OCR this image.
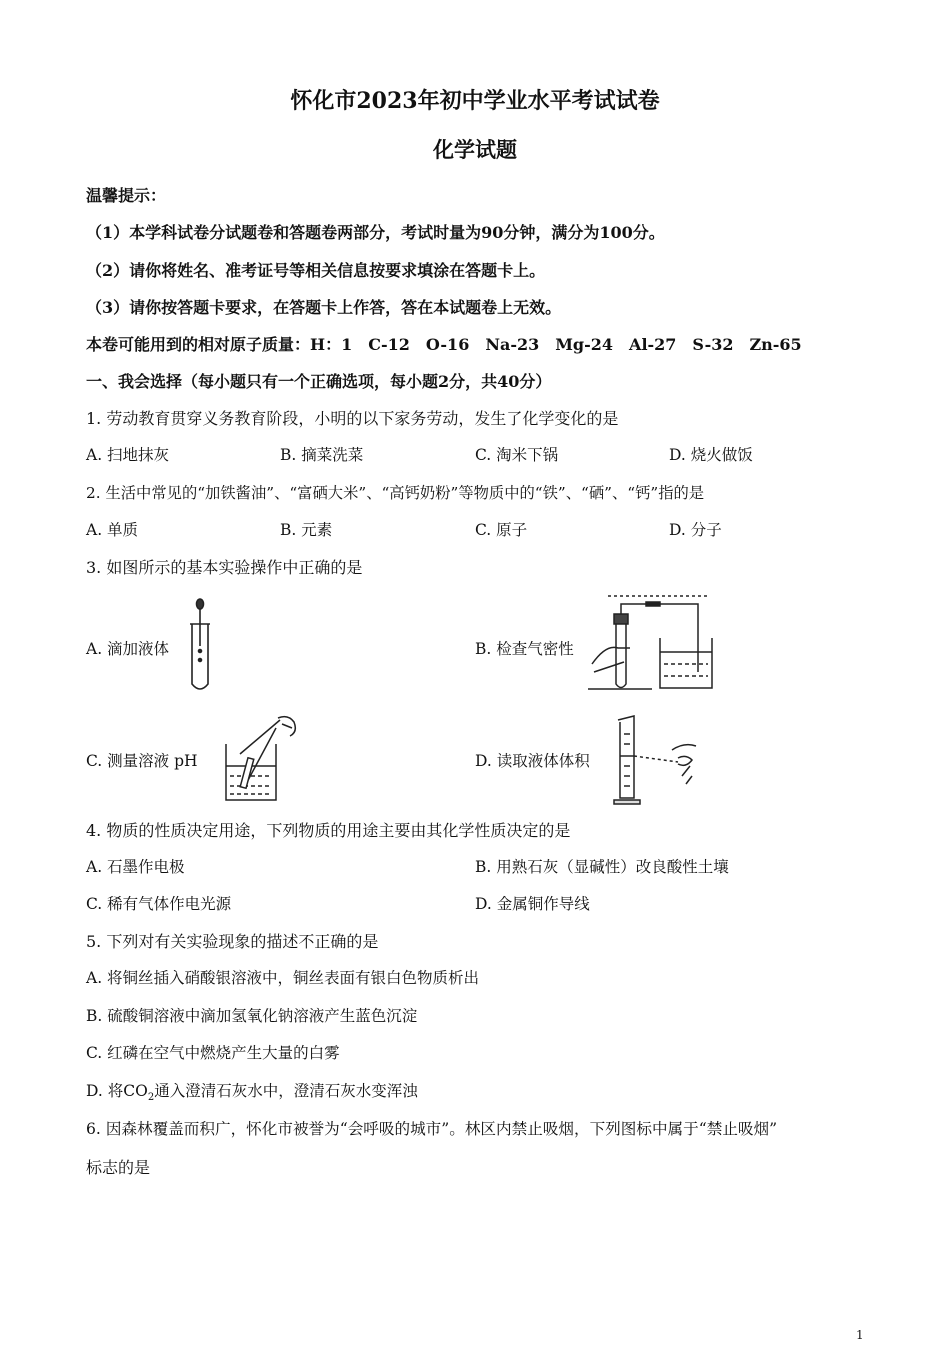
怀化市2023年初中学业水平考试试卷
化学试题
温馨提示：
（1）本学科试卷分试题卷和答题卷两部分，考试时量为90分钟，满分为100分。
（2）请你将姓名、准考证号等相关信息按要求填涂在答题卡上。
（3）请你按答题卡要求，在答题卡上作答，答在本试题卷上无效。
本卷可能用到的相对原子质量：H：1　C-12　O-16　Na-23　Mg-24　Al-27　S-32　Zn-65
一、我会选择（每小题只有一个正确选项，每小题2分，共40分）
1. 劳动教育贯穿义务教育阶段，小明的以下家务劳动，发生了化学变化的是
A. 扫地抹灰	B. 摘菜洗菜	C. 淘米下锅	D. 烧火做饭
2. 生活中常见的“加铁酱油”、“富硒大米”、“高钙奶粉”等物质中的“铁”、“硒”、“钙”指的是
A. 单质	B. 元素	C. 原子	D. 分子
3. 如图所示的基本实验操作中正确的是
A. 滴加液体	B. 检查气密性
C. 测量溶液 pH	D. 读取液体体积
4. 物质的性质决定用途，下列物质的用途主要由其化学性质决定的是
A. 石墨作电极	B. 用熟石灰（显碱性）改良酸性土壤
C. 稀有气体作电光源	D. 金属铜作导线
5. 下列对有关实验现象的描述不正确的是
A. 将铜丝插入硝酸银溶液中，铜丝表面有银白色物质析出
B. 硫酸铜溶液中滴加氢氧化钠溶液产生蓝色沉淀
C. 红磷在空气中燃烧产生大量的白雾
D. 将$CO_2$通入澄清石灰水中，澄清石灰水变浑浊
6. 因森林覆盖而积广，怀化市被誉为“会呼吸的城市”。林区内禁止吸烟，下列图标中属于“禁止吸烟”
标志的是
1
